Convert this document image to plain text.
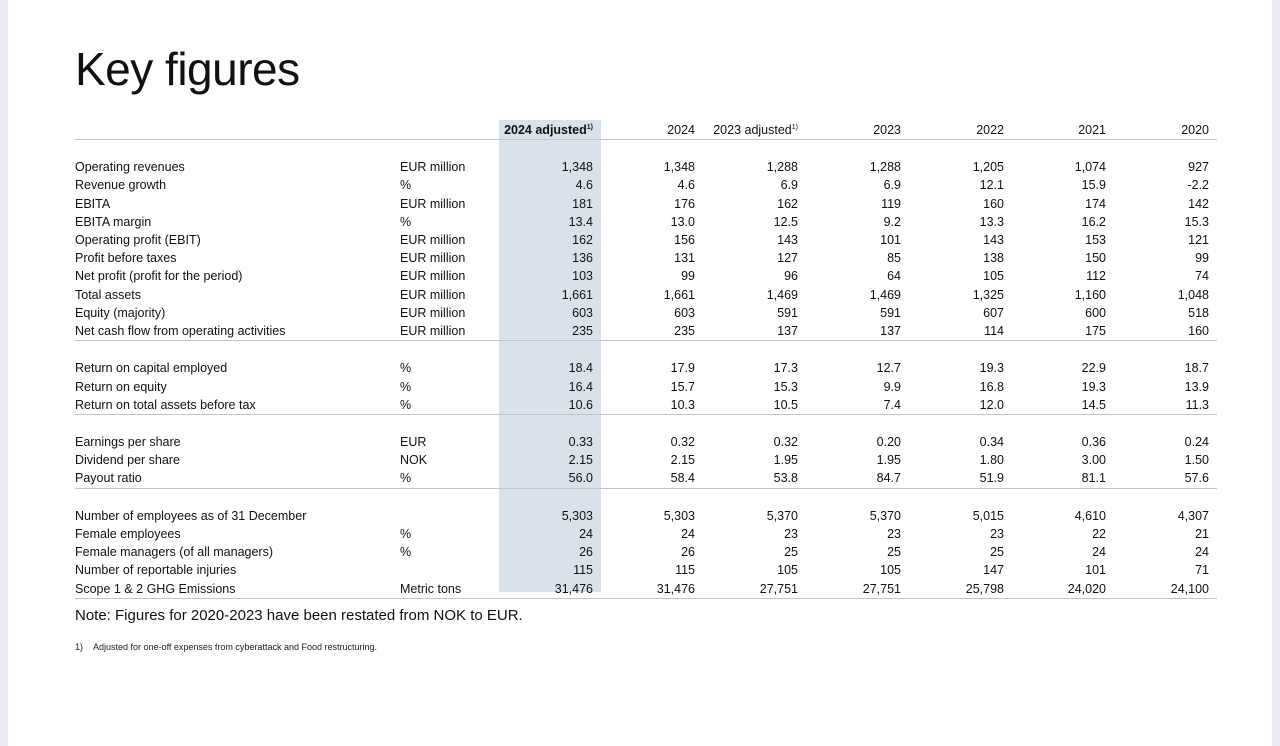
Key figures
		2024 adjusted$^{1)}$	2024	2023 adjusted$^{1)}$	2023	2022	2021	2020

Operating revenues	EUR million	1,348	1,348	1,288	1,288	1,205	1,074	927
Revenue growth	%	4.6	4.6	6.9	6.9	12.1	15.9	-2.2
EBITA	EUR million	181	176	162	119	160	174	142
EBITA margin	%	13.4	13.0	12.5	9.2	13.3	16.2	15.3
Operating profit (EBIT)	EUR million	162	156	143	101	143	153	121
Profit before taxes	EUR million	136	131	127	85	138	150	99
Net profit (profit for the period)	EUR million	103	99	96	64	105	112	74
Total assets	EUR million	1,661	1,661	1,469	1,469	1,325	1,160	1,048
Equity (majority)	EUR million	603	603	591	591	607	600	518
Net cash flow from operating activities	EUR million	235	235	137	137	114	175	160

Return on capital employed	%	18.4	17.9	17.3	12.7	19.3	22.9	18.7
Return on equity	%	16.4	15.7	15.3	9.9	16.8	19.3	13.9
Return on total assets before tax	%	10.6	10.3	10.5	7.4	12.0	14.5	11.3

Earnings per share	EUR	0.33	0.32	0.32	0.20	0.34	0.36	0.24
Dividend per share	NOK	2.15	2.15	1.95	1.95	1.80	3.00	1.50
Payout ratio	%	56.0	58.4	53.8	84.7	51.9	81.1	57.6

Number of employees as of 31 December		5,303	5,303	5,370	5,370	5,015	4,610	4,307
Female employees	%	24	24	23	23	23	22	21
Female managers (of all managers)	%	26	26	25	25	25	24	24
Number of reportable injuries		115	115	105	105	147	101	71
Scope 1 & 2 GHG Emissions	Metric tons	31,476	31,476	27,751	27,751	25,798	24,020	24,100
Note: Figures for 2020-2023 have been restated from NOK to EUR.
1) Adjusted for one-off expenses from cyberattack and Food restructuring.
